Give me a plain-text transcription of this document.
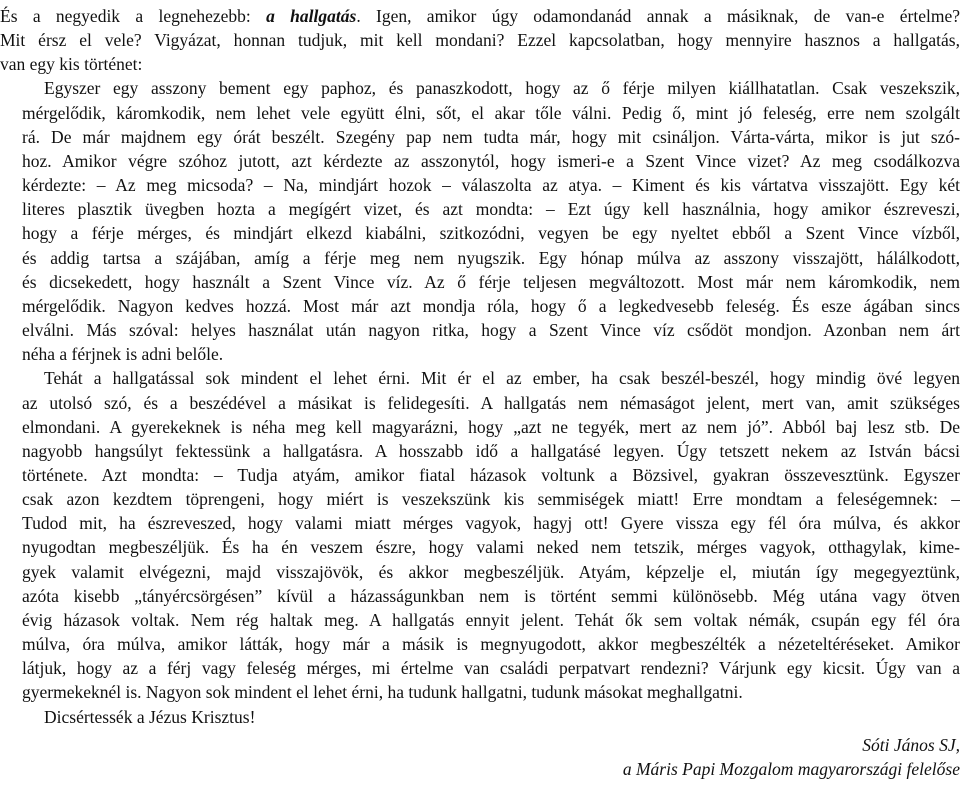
És a negyedik a legnehezebb: a hallgatás. Igen, amikor úgy odamondanád annak a másiknak, de van-e értelme?
Mit érsz el vele? Vigyázat, honnan tudjuk, mit kell mondani? Ezzel kapcsolatban, hogy mennyire hasznos a hallgatás,
van egy kis történet:
Egyszer egy asszony bement egy paphoz, és panaszkodott, hogy az ő férje milyen kiállhatatlan. Csak veszekszik,
mérgelődik, káromkodik, nem lehet vele együtt élni, sőt, el akar tőle válni. Pedig ő, mint jó feleség, erre nem szolgált
rá. De már majdnem egy órát beszélt. Szegény pap nem tudta már, hogy mit csináljon. Várta-várta, mikor is jut szó-
hoz. Amikor végre szóhoz jutott, azt kérdezte az asszonytól, hogy ismeri-e a Szent Vince vizet? Az meg csodálkozva
kérdezte: ‒ Az meg micsoda? ‒ Na, mindjárt hozok ‒ válaszolta az atya. ‒ Kiment és kis vártatva visszajött. Egy két
literes plasztik üvegben hozta a megígért vizet, és azt mondta: ‒ Ezt úgy kell használnia, hogy amikor észreveszi,
hogy a férje mérges, és mindjárt elkezd kiabálni, szitkozódni, vegyen be egy nyeltet ebből a Szent Vince vízből,
és addig tartsa a szájában, amíg a férje meg nem nyugszik. Egy hónap múlva az asszony visszajött, hálálkodott,
és dicsekedett, hogy használt a Szent Vince víz. Az ő férje teljesen megváltozott. Most már nem káromkodik, nem
mérgelődik. Nagyon kedves hozzá. Most már azt mondja róla, hogy ő a legkedvesebb feleség. És esze ágában sincs
elválni. Más szóval: helyes használat után nagyon ritka, hogy a Szent Vince víz csődöt mondjon. Azonban nem árt
néha a férjnek is adni belőle.
Tehát a hallgatással sok mindent el lehet érni. Mit ér el az ember, ha csak beszél-beszél, hogy mindig övé legyen
az utolsó szó, és a beszédével a másikat is felidegesíti. A hallgatás nem némaságot jelent, mert van, amit szükséges
elmondani. A gyerekeknek is néha meg kell magyarázni, hogy „azt ne tegyék, mert az nem jó”. Abból baj lesz stb. De
nagyobb hangsúlyt fektessünk a hallgatásra. A hosszabb idő a hallgatásé legyen. Úgy tetszett nekem az István bácsi
története. Azt mondta: ‒ Tudja atyám, amikor fiatal házasok voltunk a Bözsivel, gyakran összevesztünk. Egyszer
csak azon kezdtem töprengeni, hogy miért is veszekszünk kis semmiségek miatt! Erre mondtam a feleségemnek: ‒
Tudod mit, ha észreveszed, hogy valami miatt mérges vagyok, hagyj ott! Gyere vissza egy fél óra múlva, és akkor
nyugodtan megbeszéljük. És ha én veszem észre, hogy valami neked nem tetszik, mérges vagyok, otthagylak, kime-
gyek valamit elvégezni, majd visszajövök, és akkor megbeszéljük. Atyám, képzelje el, miután így megegyeztünk,
azóta kisebb „tányércsörgésen” kívül a házasságunkban nem is történt semmi különösebb. Még utána vagy ötven
évig házasok voltak. Nem rég haltak meg. A hallgatás ennyit jelent. Tehát ők sem voltak némák, csupán egy fél óra
múlva, óra múlva, amikor látták, hogy már a másik is megnyugodott, akkor megbeszélték a nézeteltéréseket. Amikor
látjuk, hogy az a férj vagy feleség mérges, mi értelme van családi perpatvart rendezni? Várjunk egy kicsit. Úgy van a
gyermekeknél is. Nagyon sok mindent el lehet érni, ha tudunk hallgatni, tudunk másokat meghallgatni.
Dicsértessék a Jézus Krisztus!
Sóti János SJ,
a Máris Papi Mozgalom magyarországi felelőse
